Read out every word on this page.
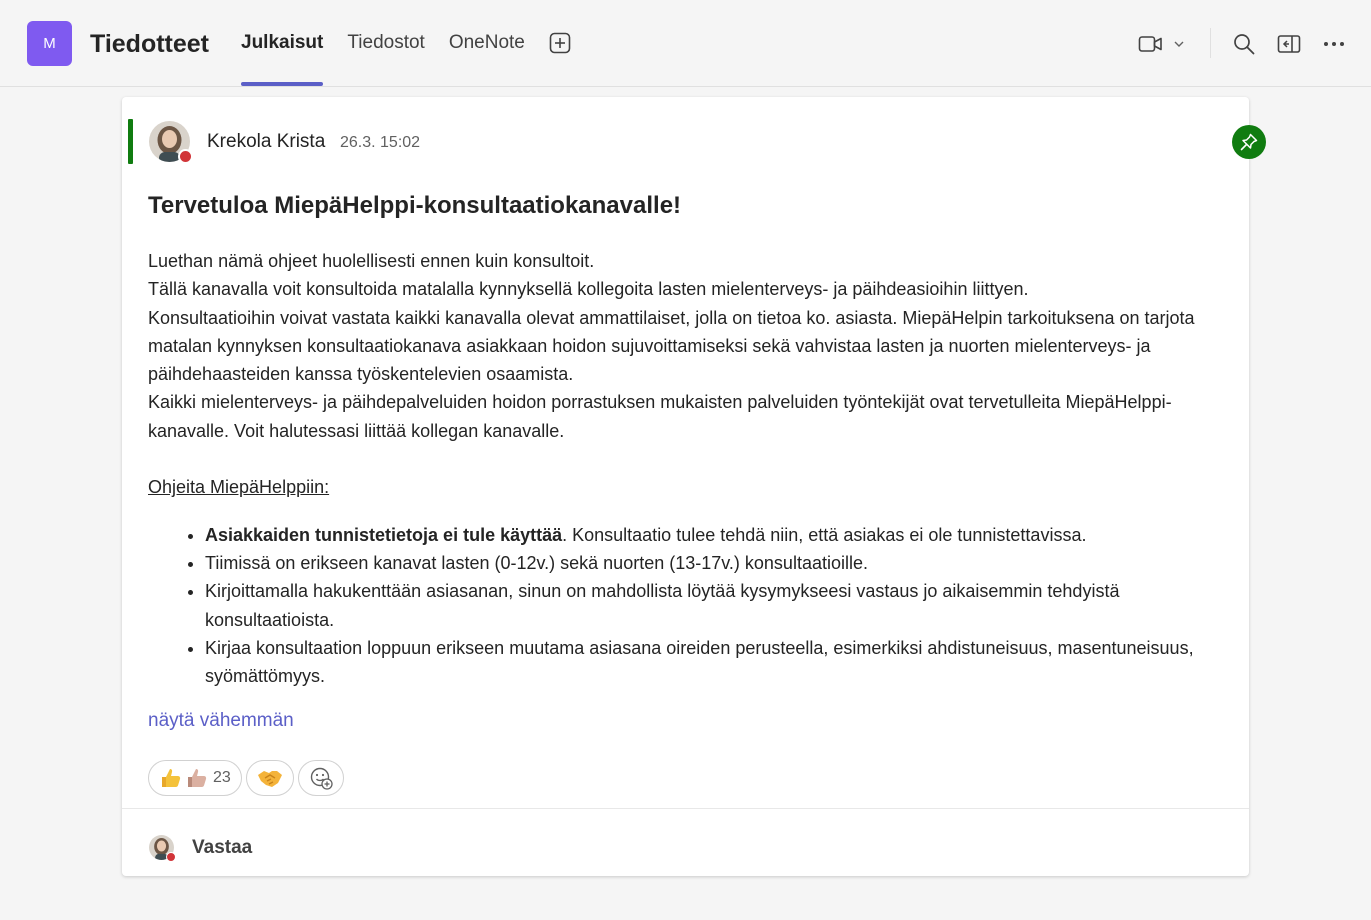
M	Tiedotteet Julkaisut Tiedostot OneNote
Krekola Krista 26.3. 15:02
Tervetuloa MiepäHelppi-konsultaatiokanavalle!

Luethan nämä ohjeet huolellisesti ennen kuin konsultoit.

Tällä kanavalla voit konsultoida matalalla kynnyksellä kollegoita lasten mielenterveys- ja päihdeasioihin liittyen.

Konsultaatioihin voivat vastata kaikki kanavalla olevat ammattilaiset, jolla on tietoa ko. asiasta. MiepäHelpin tarkoituksena on tarjota matalan kynnyksen konsultaatiokanava asiakkaan hoidon sujuvoittamiseksi sekä vahvistaa lasten ja nuorten mielenterveys- ja päihdehaasteiden kanssa työskentelevien osaamista.

Kaikki mielenterveys- ja päihdepalveluiden hoidon porrastuksen mukaisten palveluiden työntekijät ovat tervetulleita MiepäHelppi-kanavalle. Voit halutessasi liittää kollegan kanavalle.

Ohjeita MiepäHelppiin:

• Asiakkaiden tunnistetietoja ei tule käyttää. Konsultaatio tulee tehdä niin, että asiakas ei ole tunnistettavissa.
• Tiimissä on erikseen kanavat lasten (0-12v.) sekä nuorten (13-17v.) konsultaatioille.
• Kirjoittamalla hakukenttään asiasanan, sinun on mahdollista löytää kysymykseesi vastaus jo aikaisemmin tehdyistä konsultaatioista.
• Kirjaa konsultaation loppuun erikseen muutama asiasana oireiden perusteella, esimerkiksi ahdistuneisuus, masentuneisuus, syömättömyys.
näytä vähemmän
23
Vastaa
